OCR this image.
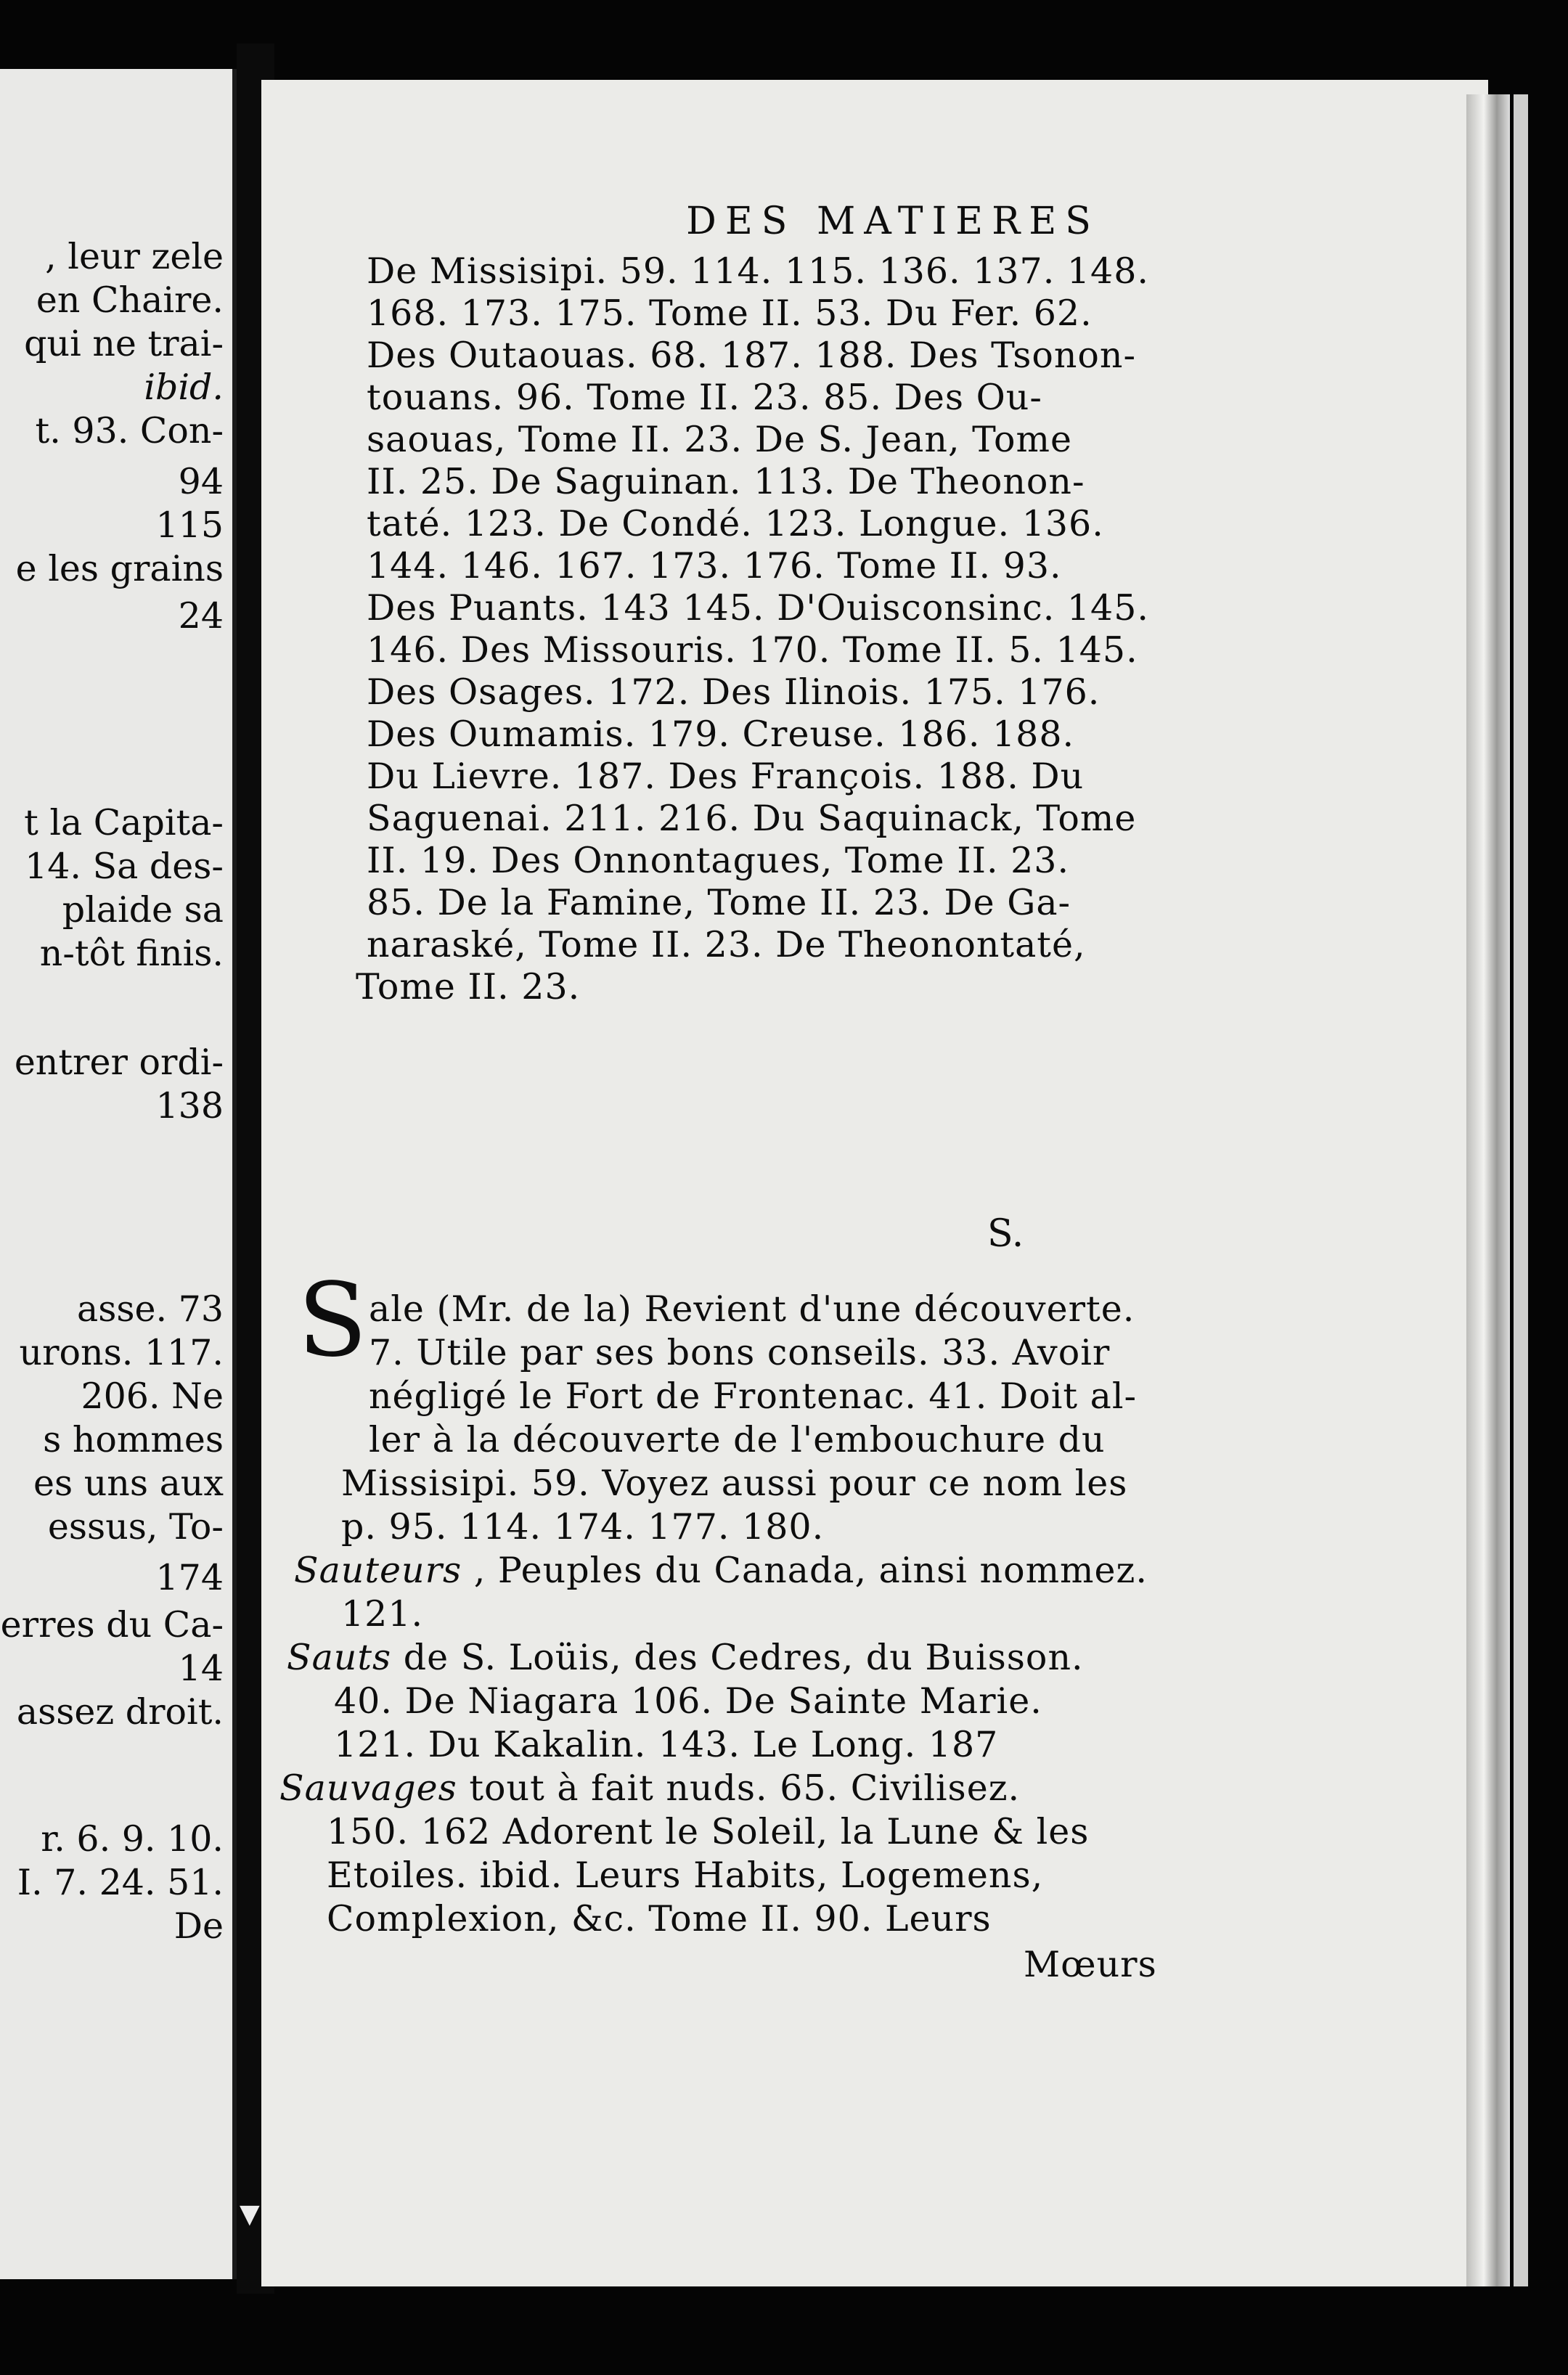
, leur zele
en Chaire.
qui ne trai-
ibid.
t. 93. Con-
94
115
e les grains
24
t la Capita-
14. Sa des-
plaide sa
n-tôt finis.
entrer ordi-
138
asse. 73
urons. 117.
206. Ne
s hommes
es uns aux
essus, To-
174
erres du Ca-
14
assez droit.
r. 6. 9. 10.
I. 7. 24. 51.
De
▼
DES MATIERES
De Missisipi. 59. 114. 115. 136. 137. 148.
168. 173. 175. Tome II. 53. Du Fer. 62.
Des Outaouas. 68. 187. 188. Des Tsonon-
touans. 96. Tome II. 23. 85. Des Ou-
saouas, Tome II. 23. De S. Jean, Tome
II. 25. De Saguinan. 113. De Theonon-
taté. 123. De Condé. 123. Longue. 136.
144. 146. 167. 173. 176. Tome II. 93.
Des Puants. 143 145. D'Ouisconsinc. 145.
146. Des Missouris. 170. Tome II. 5. 145.
Des Osages. 172. Des Ilinois. 175. 176.
Des Oumamis. 179. Creuse. 186. 188.
Du Lievre. 187. Des François. 188. Du
Saguenai. 211. 216. Du Saquinack, Tome
II. 19. Des Onnontagues, Tome II. 23.
85. De la Famine, Tome II. 23. De Ga-
naraské, Tome II. 23. De Theonontaté,
Tome II. 23.
S.
S ale (Mr. de la) Revient d'une découverte.
7. Utile par ses bons conseils. 33. Avoir
négligé le Fort de Frontenac. 41. Doit al-
ler à la découverte de l'embouchure du
Missisipi. 59. Voyez aussi pour ce nom les
p. 95. 114. 174. 177. 180.
Sauteurs , Peuples du Canada, ainsi nommez.
121.
Sauts de S. Loüis, des Cedres, du Buisson.
40. De Niagara 106. De Sainte Marie.
121. Du Kakalin. 143. Le Long. 187
Sauvages tout à fait nuds. 65. Civilisez.
150. 162 Adorent le Soleil, la Lune & les
Etoiles. ibid. Leurs Habits, Logemens,
Complexion, &c. Tome II. 90. Leurs
Mœurs
